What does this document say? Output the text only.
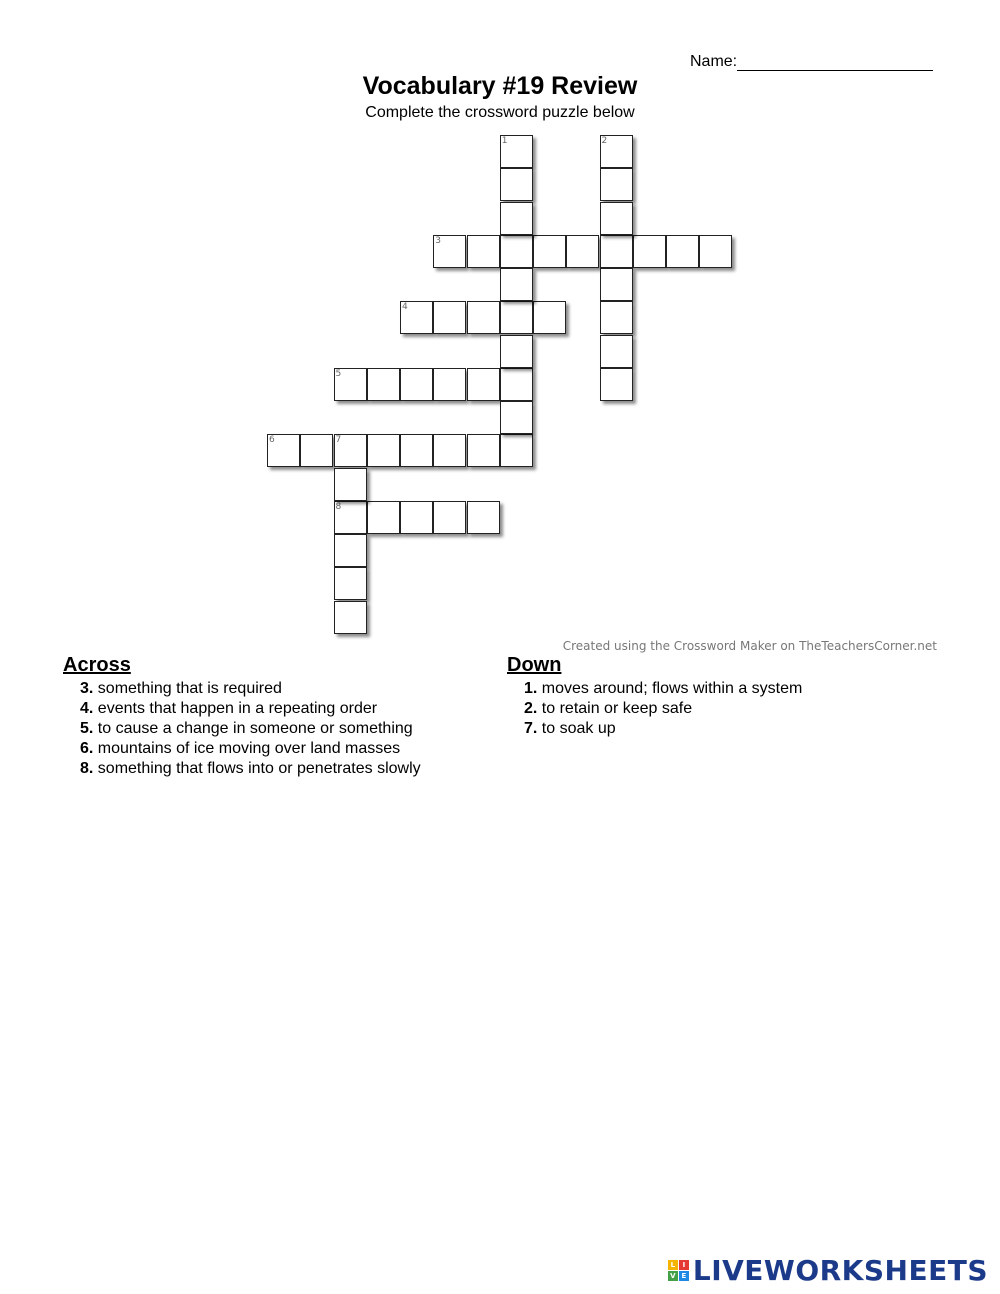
Name:
Vocabulary #19 Review
Complete the crossword puzzle below
3
4
5
6	7
8
1	2
Created using the Crossword Maker on TheTeachersCorner.net
Across
3. something that is required
4. events that happen in a repeating order
5. to cause a change in someone or something
6. mountains of ice moving over land masses
8. something that flows into or penetrates slowly
Down
1. moves around; flows within a system
2. to retain or keep safe
7. to soak up
L	I
V E LIVEWORKSHEETS
